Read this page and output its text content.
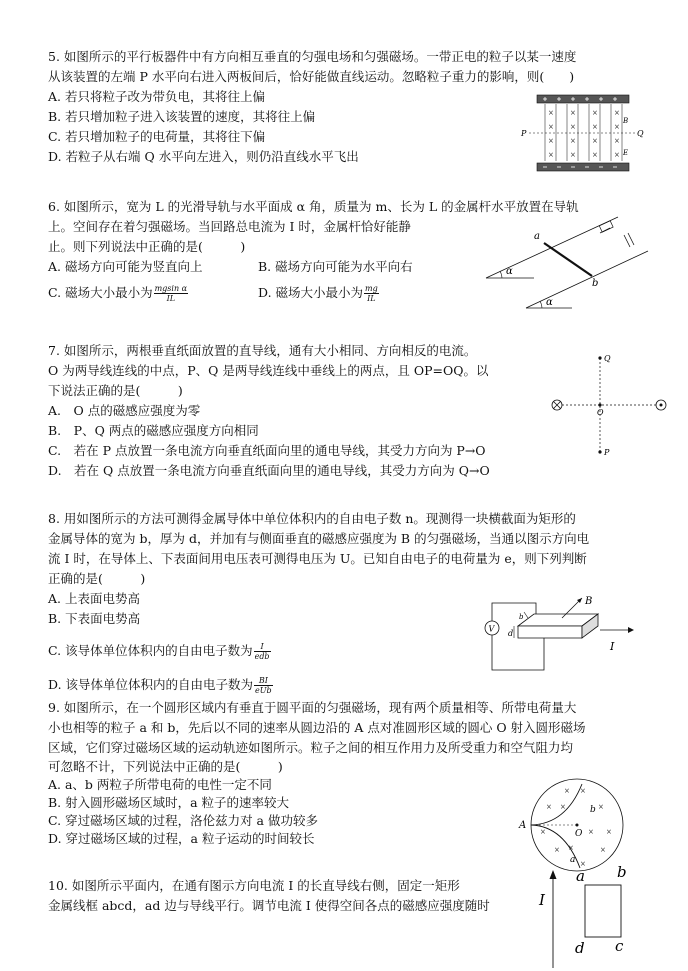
5. 如图所示的平行板器件中有方向相互垂直的匀强电场和匀强磁场。一带正电的粒子以某一速度

从该装置的左端 P 水平向右进入两板间后，恰好能做直线运动。忽略粒子重力的影响，则(　　)

A. 若只将粒子改为带负电，其将往上偏

B. 若只增加粒子进入该装置的速度，其将往上偏

C. 若只增加粒子的电荷量，其将往下偏

D. 若粒子从右端 Q 水平向左进入，则仍沿直线水平飞出

× × × ×
× × × ×
× × × ×
× × × ×
P	Q
B
E

6. 如图所示，宽为 L 的光滑导轨与水平面成 α 角，质量为 m、长为 L 的金属杆水平放置在导轨

上。空间存在着匀强磁场。当回路总电流为 I 时，金属杆恰好能静

止。则下列说法中正确的是(　　　)

A. 磁场方向可能为竖直向上	B. 磁场方向可能为水平向右
C. 磁场大小最小为 $\frac{\text{mgsin α}}{IL}$	D. 磁场大小最小为 $\frac{mg}{IL}$
a
b
α
α

7. 如图所示，两根垂直纸面放置的直导线，通有大小相同、方向相反的电流。

O 为两导线连线的中点，P、Q 是两导线连线中垂线上的两点，且 OP=OQ。以

下说法正确的是(　　　)

A.　O 点的磁感应强度为零

B.　P、Q 两点的磁感应强度方向相同

C.　若在 P 点放置一条电流方向垂直纸面向里的通电导线，其受力方向为 P→O

D.　若在 Q 点放置一条电流方向垂直纸面向里的通电导线，其受力方向为 Q→O

Q
P
O

8. 用如图所示的方法可测得金属导体中单位体积内的自由电子数 n。现测得一块横截面为矩形的

金属导体的宽为 b，厚为 d，并加有与侧面垂直的磁感应强度为 B 的匀强磁场，当通以图示方向电

流 I 时，在导体上、下表面间用电压表可测得电压为 U。已知自由电子的电荷量为 e，则下列判断

正确的是(　　　)

A. 上表面电势高

B. 下表面电势高

C. 该导体单位体积内的自由电子数为 $\frac{I}{\text{edb}}$

D. 该导体单位体积内的自由电子数为 $\frac{BI}{\text{eUb}}$

V
B
I
b
d

9. 如图所示，在一个圆形区域内有垂直于圆平面的匀强磁场，现有两个质量相等、所带电荷量大

小也相等的粒子 a 和 b，先后以不同的速率从圆边沿的 A 点对准圆形区域的圆心 O 射入圆形磁场

区域，它们穿过磁场区域的运动轨迹如图所示。粒子之间的相互作用力及所受重力和空气阻力均

可忽略不计，下列说法中正确的是(　　　)

A. a、b 两粒子所带电荷的电性一定不同

B. 射入圆形磁场区域时，a 粒子的速率较大

C. 穿过磁场区域的过程，洛伦兹力对 a 做功较多

D. 穿过磁场区域的过程，a 粒子运动的时间较长

× ×
× ×	×
×	× ×
× ×	×
×
A
O
b
a

10. 如图所示平面内，在通有图示方向电流 I 的长直导线右侧，固定一矩形

金属线框 abcd，ad 边与导线平行。调节电流 I 使得空间各点的磁感应强度随时	I
a b
c
d
